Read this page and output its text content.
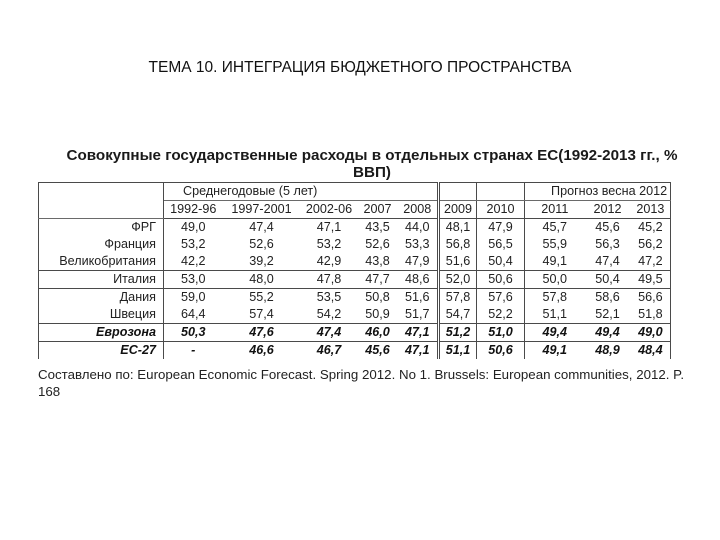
ТЕМА 10. ИНТЕГРАЦИЯ БЮДЖЕТНОГО ПРОСТРАНСТВА
Совокупные государственные расходы в отдельных странах ЕС(1992-2013 гг., %
ВВП)
	Среднегодовые (5 лет)							Прогноз весна 2012		
	1992-96	1997-2001	2002-06	2007	2008	2009	2010	2011	2012	2013
ФРГ	49,0	47,4	47,1	43,5	44,0	48,1	47,9	45,7	45,6	45,2
Франция	53,2	52,6	53,2	52,6	53,3	56,8	56,5	55,9	56,3	56,2
Великобритания	42,2	39,2	42,9	43,8	47,9	51,6	50,4	49,1	47,4	47,2
Италия	53,0	48,0	47,8	47,7	48,6	52,0	50,6	50,0	50,4	49,5
Дания	59,0	55,2	53,5	50,8	51,6	57,8	57,6	57,8	58,6	56,6
Швеция	64,4	57,4	54,2	50,9	51,7	54,7	52,2	51,1	52,1	51,8
Еврозона	50,3	47,6	47,4	46,0	47,1	51,2	51,0	49,4	49,4	49,0
ЕС-27	-	46,6	46,7	45,6	47,1	51,1	50,6	49,1	48,9	48,4
Составлено по: European Economic Forecast. Spring 2012. No 1. Brussels: European communities, 2012. P.
168
